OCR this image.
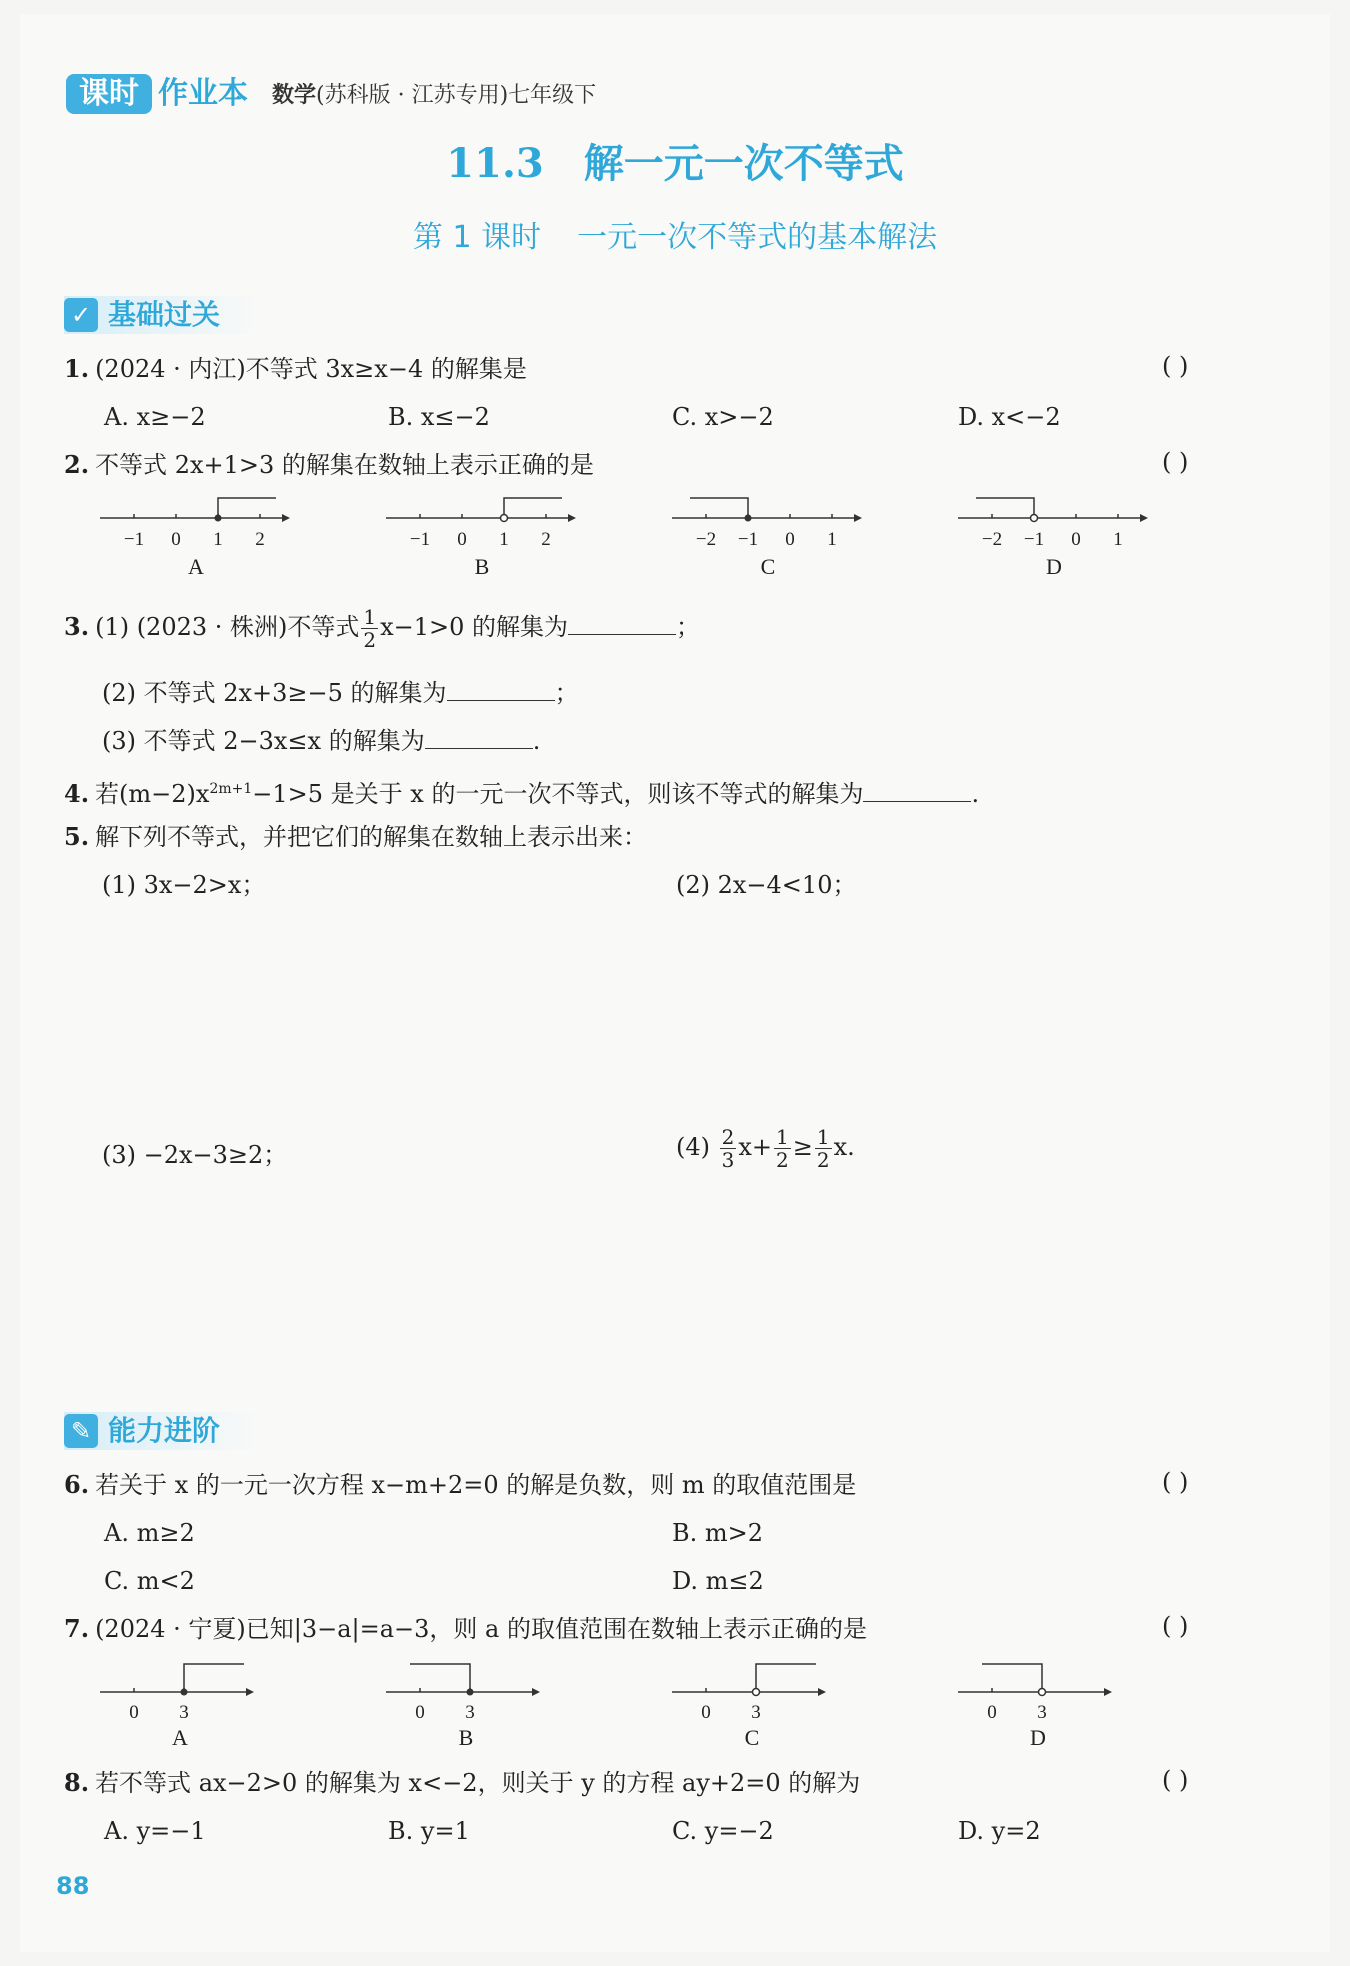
课时 作业本 数学(苏科版 · 江苏专用)七年级下
11.3 解一元一次不等式
第 1 课时 一元一次不等式的基本解法
✓ 基础过关
1. (2024 · 内江)不等式 3x≥x−4 的解集是	( )
A. x≥−2	B. x≤−2	C. x>−2	D. x<−2
2. 不等式 2x+1>3 的解集在数轴上表示正确的是	( )
−1 0 1 2
A
−1 0 1 2
B
−2 −1 0 1
C
−2 −1 0 1
D
3. (1) (2023 · 株洲)不等式 $\frac{1}{2} x-1>0$ 的解集为	；
(2) 不等式 2x+3≥−5 的解集为	；
(3) 不等式 2−3x≤x 的解集为	.
4. 若$(m-2)x^{2m+1}-1>5$ 是关于 x 的一元一次不等式，则该不等式的解集为	.
5. 解下列不等式，并把它们的解集在数轴上表示出来：
(1) 3x−2>x；	(2) 2x−4<10；
(3) −2x−3≥2；	$(4) \frac{2}{3} x+ \frac{1}{2} \ge \frac{1}{2} x$.
✎ 能力进阶
6. 若关于 x 的一元一次方程 x−m+2=0 的解是负数，则 m 的取值范围是	( )
A. m≥2	B. m>2
C. m<2	D. m≤2
7. (2024 · 宁夏)已知|3−a|=a−3，则 a 的取值范围在数轴上表示正确的是	( )
0 3
A
0 3
B
0 3
C
0 3
D
8. 若不等式 ax−2>0 的解集为 x<−2，则关于 y 的方程 ay+2=0 的解为	( )
A. y=−1	B. y=1	C. y=−2	D. y=2
88
